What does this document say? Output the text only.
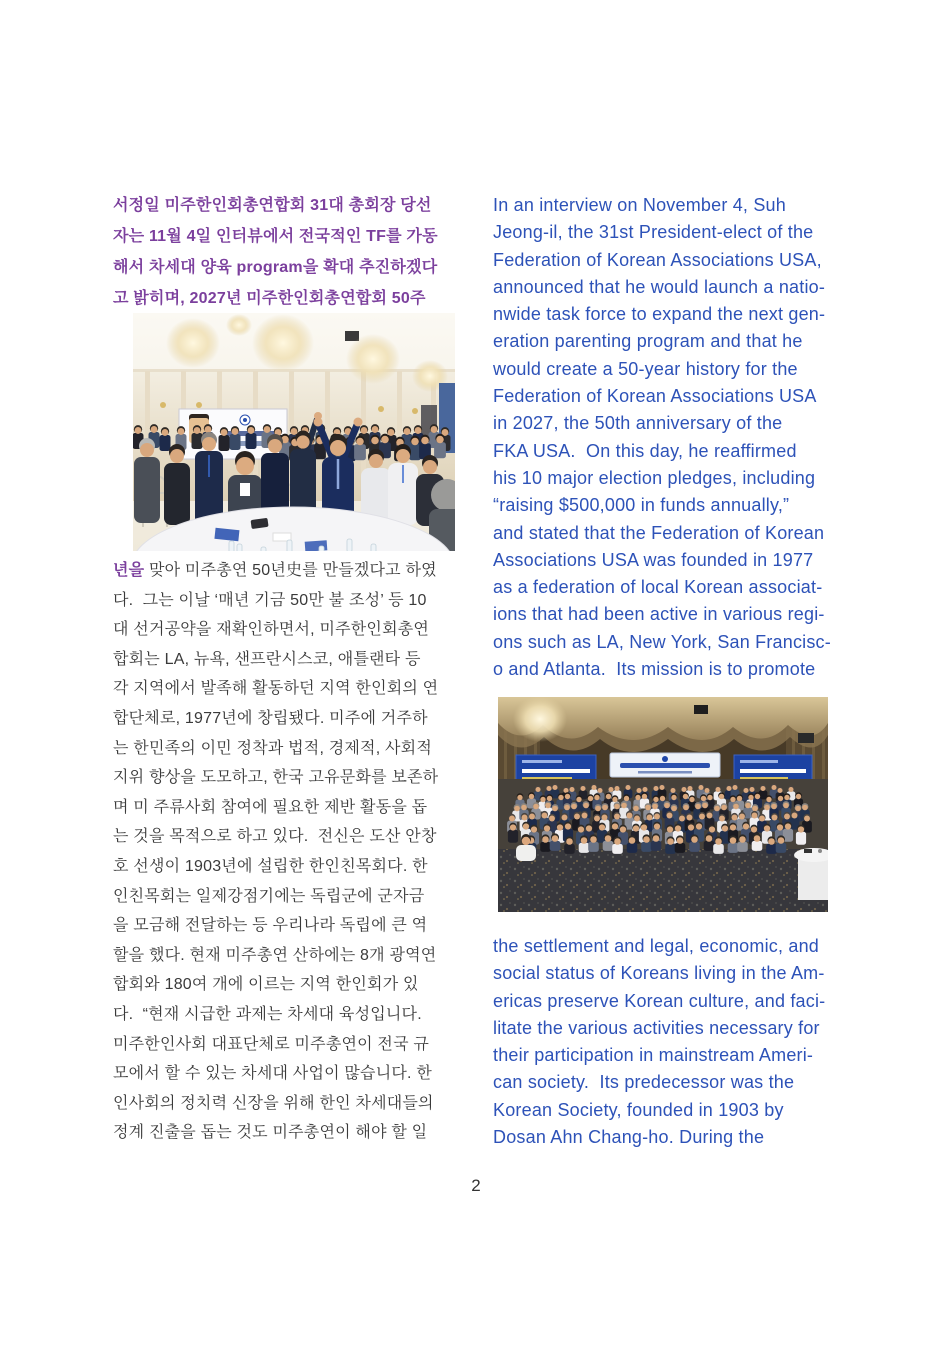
서정일 미주한인회총연합회 31대 총회장 당선
자는 11월 4일 인터뷰에서 전국적인 TF를 가동
해서 차세대 양육 program을 확대 추진하겠다
고 밝히며, 2027년 미주한인회총연합회 50주
년을 맞아 미주총연 50년史를 만들겠다고 하였
다.  그는 이날 ‘매년 기금 50만 불 조성’ 등 10
대 선거공약을 재확인하면서, 미주한인회총연
합회는 LA, 뉴욕, 샌프란시스코, 애틀랜타 등
각 지역에서 발족해 활동하던 지역 한인회의 연
합단체로, 1977년에 창립됐다. 미주에 거주하
는 한민족의 이민 정착과 법적, 경제적, 사회적
지위 향상을 도모하고, 한국 고유문화를 보존하
며 미 주류사회 참여에 필요한 제반 활동을 돕
는 것을 목적으로 하고 있다.  전신은 도산 안창
호 선생이 1903년에 설립한 한인친목회다. 한
인친목회는 일제강점기에는 독립군에 군자금
을 모금해 전달하는 등 우리나라 독립에 큰 역
할을 했다. 현재 미주총연 산하에는 8개 광역연
합회와 180여 개에 이르는 지역 한인회가 있
다.  “현재 시급한 과제는 차세대 육성입니다.
미주한인사회 대표단체로 미주총연이 전국 규
모에서 할 수 있는 차세대 사업이 많습니다. 한
인사회의 정치력 신장을 위해 한인 차세대들의
정계 진출을 돕는 것도 미주총연이 해야 할 일
In an interview on November 4, Suh
Jeong-il, the 31st President-elect of the
Federation of Korean Associations USA,
announced that he would launch a natio-
nwide task force to expand the next gen-
eration parenting program and that he
would create a 50-year history for the
Federation of Korean Associations USA
in 2027, the 50th anniversary of the
FKA USA.  On this day, he reaffirmed
his 10 major election pledges, including
“raising $500,000 in funds annually,”
and stated that the Federation of Korean
Associations USA was founded in 1977
as a federation of local Korean associat-
ions that had been active in various regi-
ons such as LA, New York, San Francisc-
o and Atlanta.  Its mission is to promote
the settlement and legal, economic, and
social status of Koreans living in the Am-
ericas preserve Korean culture, and faci-
litate the various activities necessary for
their participation in mainstream Ameri-
can society.  Its predecessor was the
Korean Society, founded in 1903 by
Dosan Ahn Chang-ho. During the
2
